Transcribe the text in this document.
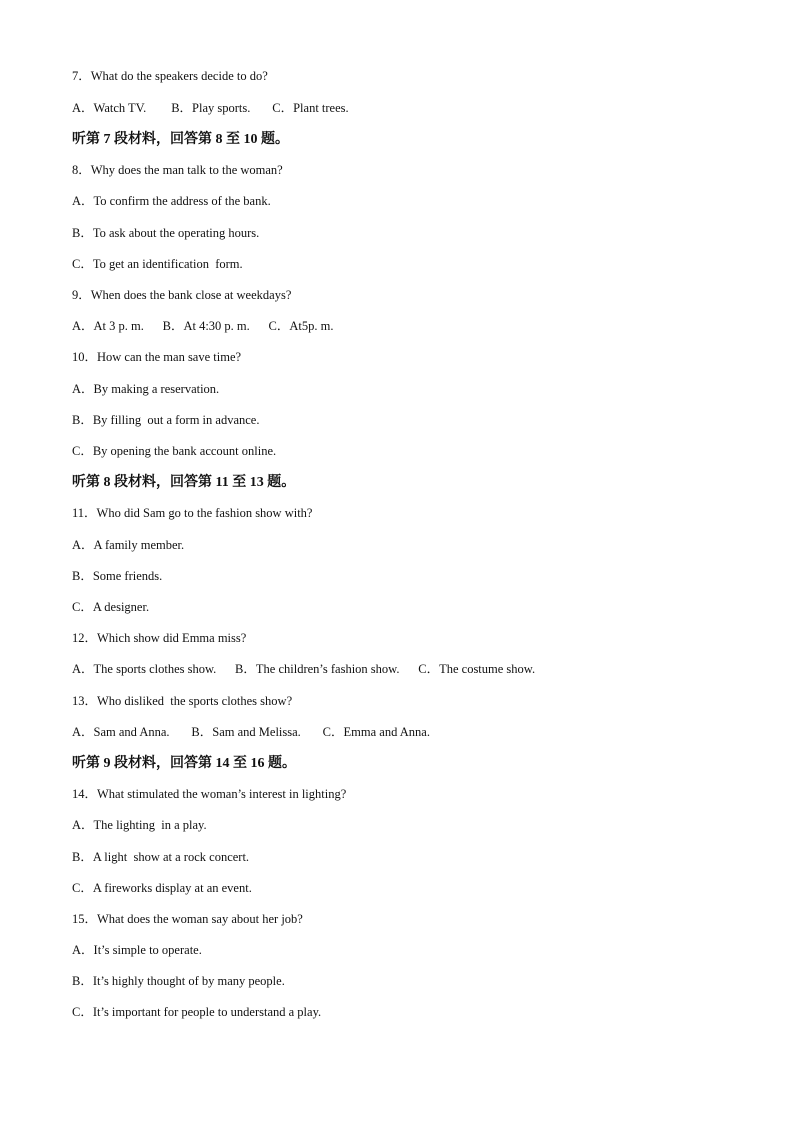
7．What do the speakers decide to do?
A．Watch TV.        B．Play sports.       C．Plant trees.
听第 7 段材料，回答第 8 至 10 题。
8．Why does the man talk to the woman?
A．To confirm the address of the bank.
B．To ask about the operating hours.
C．To get an identification  form.
9．When does the bank close at weekdays?
A．At 3 p. m.      B．At 4:30 p. m.      C．At5p. m.
10．How can the man save time?
A．By making a reservation.
B．By filling  out a form in advance.
C．By opening the bank account online.
听第 8 段材料，回答第 11 至 13 题。
11．Who did Sam go to the fashion show with?
A．A family member.
B．Some friends.
C．A designer.
12．Which show did Emma miss?
A．The sports clothes show.      B．The children’s fashion show.      C．The costume show.
13．Who disliked  the sports clothes show?
A．Sam and Anna.       B．Sam and Melissa.       C．Emma and Anna.
听第 9 段材料，回答第 14 至 16 题。
14．What stimulated the woman’s interest in lighting?
A．The lighting  in a play.
B．A light  show at a rock concert.
C．A fireworks display at an event.
15．What does the woman say about her job?
A．It’s simple to operate.
B．It’s highly thought of by many people.
C．It’s important for people to understand a play.
